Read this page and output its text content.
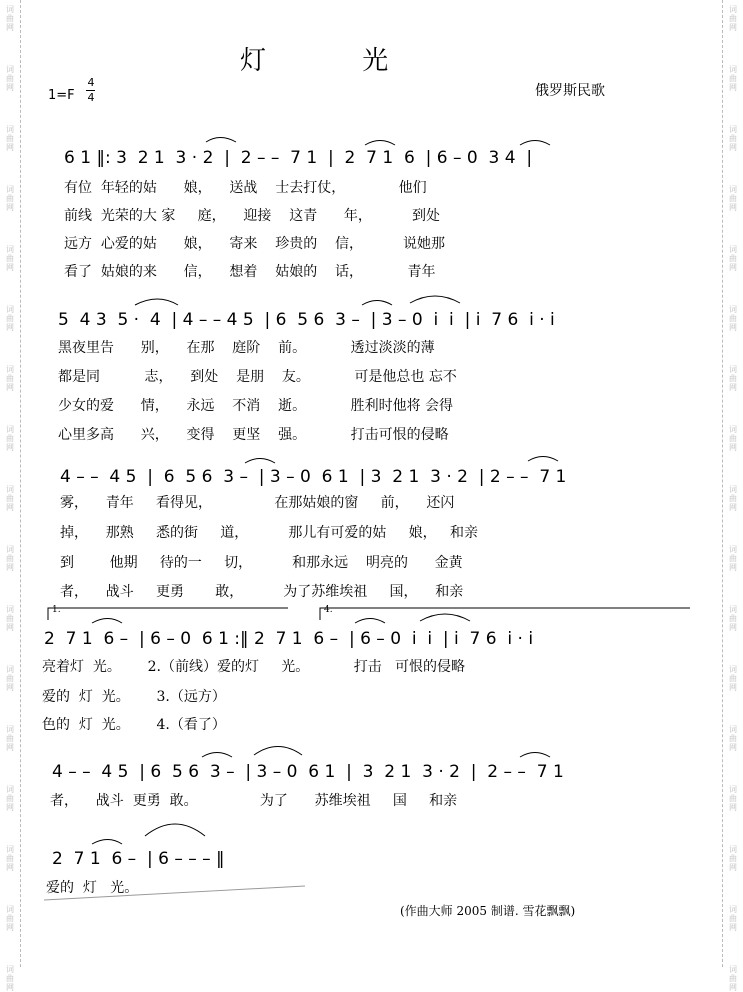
词
曲
网
词
曲
网
词
曲
网
词
曲
网
词
曲
网
词
曲
网
词
曲
网
词
曲
网
词
曲
网
词
曲
网
词
曲
网
词
曲
网
词
曲
网
词
曲
网
词
曲
网
词
曲
网
词
曲
网
词
曲
网
词
曲
网
词
曲
网
词
曲
网
词
曲
网
词
曲
网
词
曲
网
词
曲
网
词
曲
网
词
曲
网
词
曲
网
词
曲
网
词
曲
网
词
曲
网
词
曲
网
词
曲
网
词
曲
网
灯 光
1=F
4
4	俄罗斯民歌
6 1 ‖: 3  2 1  3 · 2  |  2 – –  7 1  |  2  7 1  6  | 6 – 0  3 4  |
有位  年轻的姑      娘，    送战    士去打仗，            他们
前线  光荣的大 家     庭，    迎接    这青      年，         到处
远方  心爱的姑      娘，    寄来    珍贵的    信，         说她那
看了  姑娘的来      信，    想着    姑娘的    话，          青年
5  4 3  5 ·  4  | 4 – – 4 5  | 6  5 6  3 –  | 3 – 0  i  i  | i  7 6  i · i
黑夜里告      别，    在那    庭阶    前。          透过淡淡的薄
都是同          志，    到处    是朋    友。          可是他总也 忘不
少女的爱      情，    永远    不消    逝。          胜利时他将 会得
心里多高      兴，    变得    更坚    强。          打击可恨的侵略
4 – –  4 5  |  6  5 6  3 –  | 3 – 0  6 1  | 3  2 1  3 · 2  | 2 – –  7 1
雾，    青年     看得见，              在那姑娘的窗     前，    还闪
掉，    那熟     悉的街     道，         那儿有可爱的姑     娘，   和亲
到        他期     待的一     切，         和那永远    明亮的      金黄
者，    战斗     更勇       敢，         为了苏维埃祖     国，    和亲
1.	4.
2  7 1  6 –  | 6 – 0  6 1 :‖ 2  7 1  6 –  | 6 – 0  i  i  | i  7 6  i · i
亮着灯  光。      2.（前线）爱的灯     光。          打击   可恨的侵略
爱的  灯  光。      3.（远方）
色的  灯  光。      4.（看了）
4 – –  4 5  | 6  5 6  3 –  | 3 – 0  6 1  |  3  2 1  3 · 2  |  2 – –  7 1
者，    战斗  更勇  敢。              为了      苏维埃祖     国     和亲
2  7 1  6 –  | 6 – – – ‖
爱的  灯   光。
(作曲大师 2005 制谱. 雪花飘飘)
